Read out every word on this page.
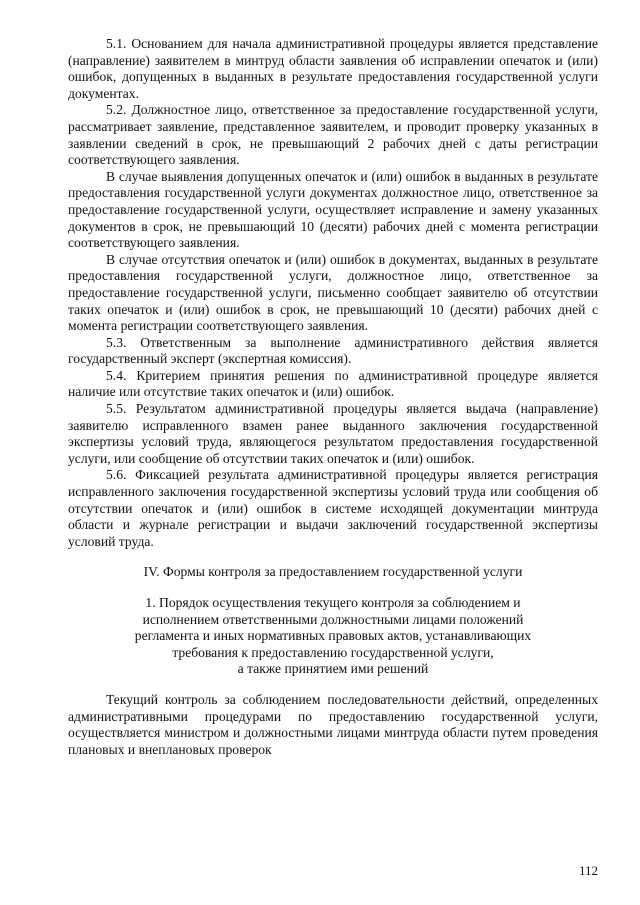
5.1. Основанием для начала административной процедуры является представление (направление) заявителем в минтруд области заявления об исправлении опечаток и (или) ошибок, допущенных в выданных в результате предоставления государственной услуги документах.

5.2. Должностное лицо, ответственное за предоставление государственной услуги, рассматривает заявление, представленное заявителем, и проводит проверку указанных в заявлении сведений в срок, не превышающий 2 рабочих дней с даты регистрации соответствующего заявления.

В случае выявления допущенных опечаток и (или) ошибок в выданных в результате предоставления государственной услуги документах должностное лицо, ответственное за предоставление государственной услуги, осуществляет исправление и замену указанных документов в срок, не превышающий 10 (десяти) рабочих дней с момента регистрации соответствующего заявления.

В случае отсутствия опечаток и (или) ошибок в документах, выданных в результате предоставления государственной услуги, должностное лицо, ответственное за предоставление государственной услуги, письменно сообщает заявителю об отсутствии таких опечаток и (или) ошибок в срок, не превышающий 10 (десяти) рабочих дней с момента регистрации соответствующего заявления.

5.3. Ответственным за выполнение административного действия является государственный эксперт (экспертная комиссия).

5.4. Критерием принятия решения по административной процедуре является наличие или отсутствие таких опечаток и (или) ошибок.

5.5. Результатом административной процедуры является выдача (направление) заявителю исправленного взамен ранее выданного заключения государственной экспертизы условий труда, являющегося результатом предоставления государственной услуги, или сообщение об отсутствии таких опечаток и (или) ошибок.

5.6. Фиксацией результата административной процедуры является регистрация исправленного заключения государственной экспертизы условий труда или сообщения об отсутствии опечаток и (или) ошибок в системе исходящей документации минтруда области и журнале регистрации и выдачи заключений государственной экспертизы условий труда.

IV. Формы контроля за предоставлением государственной услуги

1. Порядок осуществления текущего контроля за соблюдением и
исполнением ответственными должностными лицами положений
регламента и иных нормативных правовых актов, устанавливающих
требования к предоставлению государственной услуги,
а также принятием ими решений

Текущий контроль за соблюдением последовательности действий, определенных административными процедурами по предоставлению государственной услуги, осуществляется министром и должностными лицами минтруда области путем проведения плановых и внеплановых проверок

112
